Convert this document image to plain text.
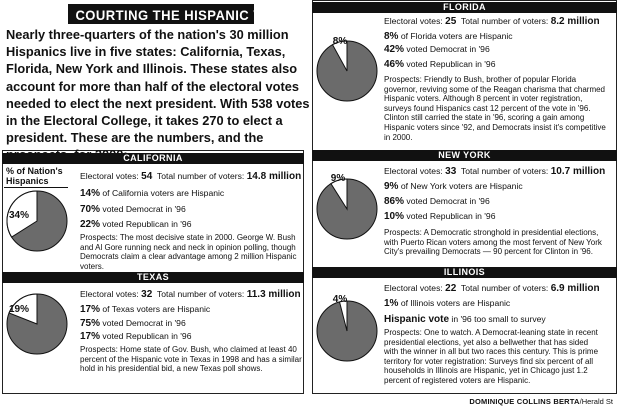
COURTING THE HISPANIC VOTE
Nearly three-quarters of the nation's 30 million
Hispanics live in five states: California, Texas,
Florida, New York and Illinois. These states also
account for more than half of the electoral votes
needed to elect the next president. With 538 votes
in the Electoral College, it takes 270 to elect a
president. These are the numbers, and the
CALIFORNIA
% of Nation's
Hispanics
34%
Electoral votes: 54 Total number of voters: 14.8 million
14% of California voters are Hispanic
70% voted Democrat in '96
22% voted Republican in '96
Prospects: The most decisive state in 2000. George W. Bush
and Al Gore running neck and neck in opinion polling, though
Democrats claim a clear advantage among 2 million Hispanic
voters.
TEXAS
19%
Electoral votes: 32 Total number of voters: 11.3 million
17% of Texas voters are Hispanic
75% voted Democrat in '96
17% voted Republican in '96
Prospects: Home state of Gov. Bush, who claimed at least 40
percent of the Hispanic vote in Texas in 1998 and has a similar
hold in his presidential bid, a new Texas poll shows.
FLORIDA
8%
Electoral votes: 25 Total number of voters: 8.2 million
8% of Florida voters are Hispanic
42% voted Democrat in '96
46% voted Republican in '96
Prospects: Friendly to Bush, brother of popular Florida
governor, reviving some of the Reagan charisma that charmed
Hispanic voters. Although 8 percent in voter registration,
surveys found Hispanics cast 12 percent of the vote in '96.
Clinton still carried the state in '96, scoring a gain among
Hispanic voters since '92, and Democrats insist it's competitive
in 2000.
NEW YORK
9%
Electoral votes: 33 Total number of voters: 10.7 million
9% of New York voters are Hispanic
86% voted Democrat in '96
10% voted Republican in '96
Prospects: A Democratic stronghold in presidential elections,
with Puerto Rican voters among the most fervent of New York
City's prevailing Democrats — 90 percent for Clinton in '96.
ILLINOIS
4%
Electoral votes: 22 Total number of voters: 6.9 million
1% of Illinois voters are Hispanic
Hispanic vote in '96 too small to survey
Prospects: One to watch. A Democrat-leaning state in recent
presidential elections, yet also a bellwether that has sided
with the winner in all but two races this century. This is prime
territory for voter registration: Surveys find six percent of all
households in Illinois are Hispanic, yet in Chicago just 1.2
percent of registered voters are Hispanic.
DOMINIQUE COLLINS BERTA/Herald St
